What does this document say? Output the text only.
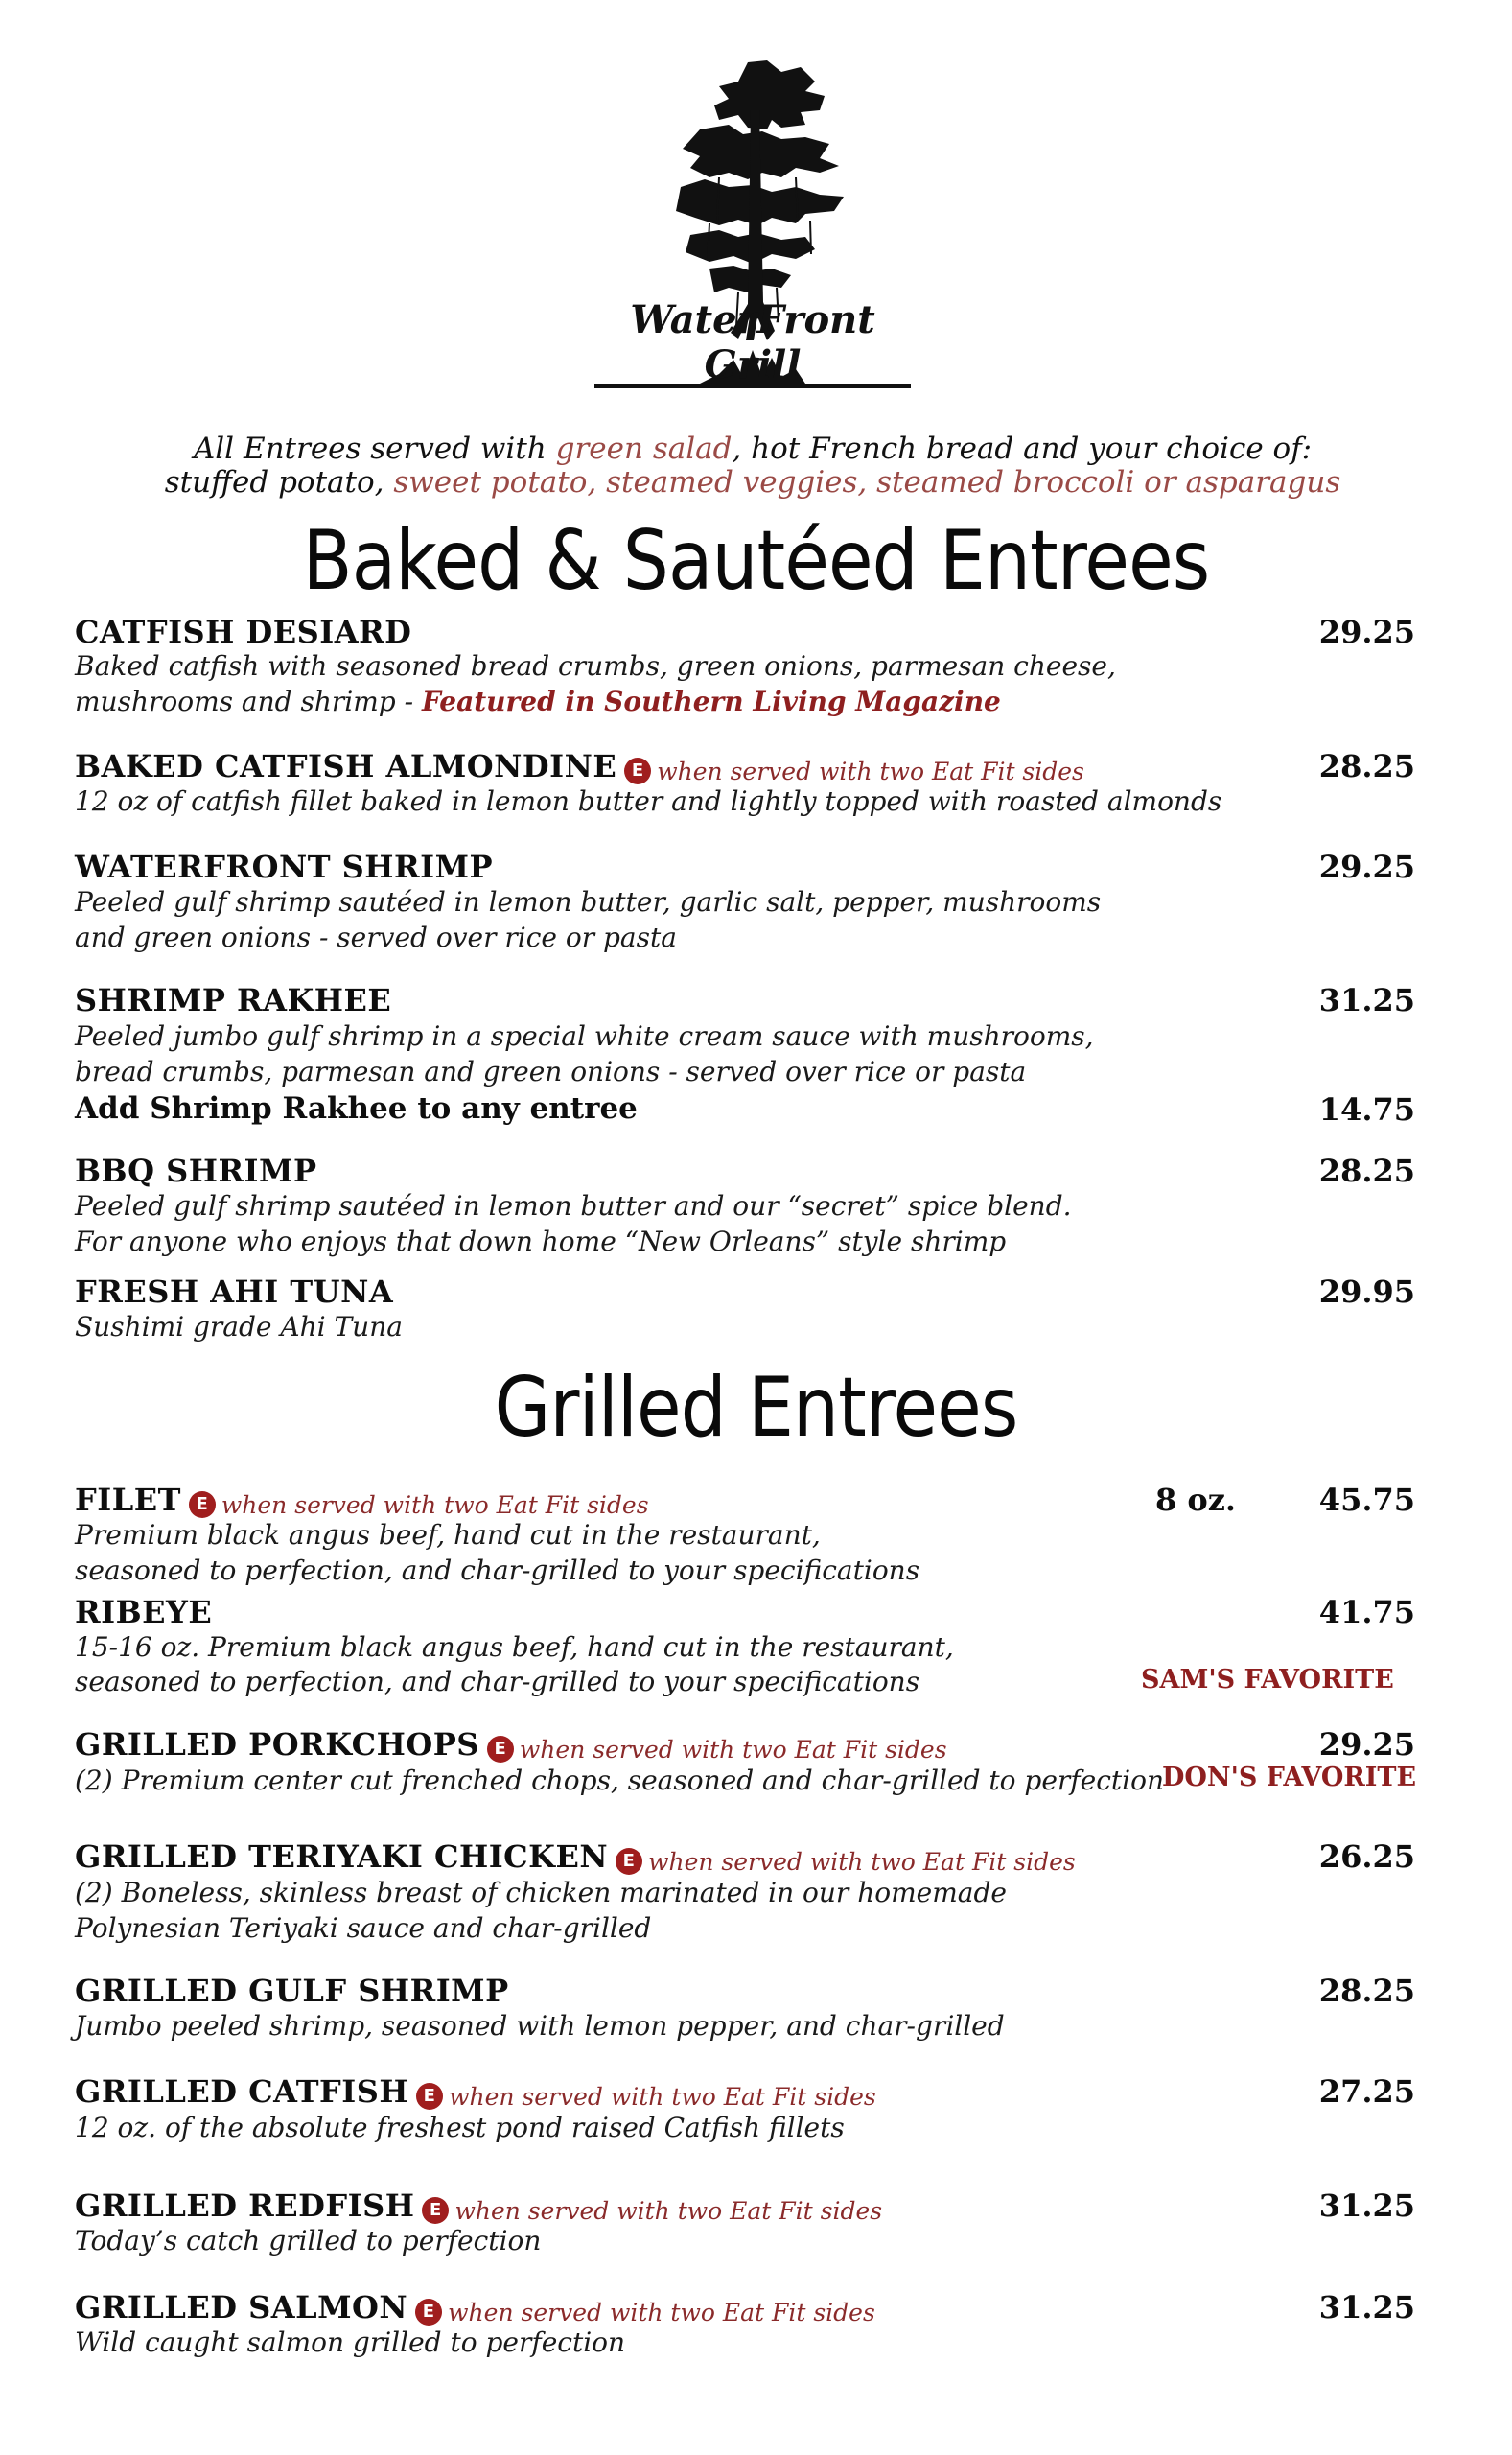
WaterFront Grill
All Entrees served with green salad, hot French bread and your choice of:
stuffed potato, sweet potato, steamed veggies, steamed broccoli or asparagus
Baked & Sautéed Entrees
CATFISH DESIARD	29.25
Baked catfish with seasoned bread crumbs, green onions, parmesan cheese,
mushrooms and shrimp - Featured in Southern Living Magazine
BAKED CATFISH ALMONDINE E when served with two Eat Fit sides	28.25
12 oz of catfish fillet baked in lemon butter and lightly topped with roasted almonds
WATERFRONT SHRIMP	29.25
Peeled gulf shrimp sautéed in lemon butter, garlic salt, pepper, mushrooms
and green onions - served over rice or pasta
SHRIMP RAKHEE	31.25
Peeled jumbo gulf shrimp in a special white cream sauce with mushrooms,
bread crumbs, parmesan and green onions - served over rice or pasta
Add Shrimp Rakhee to any entree	14.75
BBQ SHRIMP	28.25
Peeled gulf shrimp sautéed in lemon butter and our “secret” spice blend.
For anyone who enjoys that down home “New Orleans” style shrimp
FRESH AHI TUNA	29.95
Sushimi grade Ahi Tuna
Grilled Entrees
FILET E when served with two Eat Fit sides	8 oz.	45.75
Premium black angus beef, hand cut in the restaurant,
seasoned to perfection, and char-grilled to your specifications
RIBEYE	41.75
15-16 oz. Premium black angus beef, hand cut in the restaurant,
seasoned to perfection, and char-grilled to your specifications	SAM'S FAVORITE
GRILLED PORKCHOPS E when served with two Eat Fit sides	29.25
(2) Premium center cut frenched chops, seasoned and char-grilled to perfection
DON'S FAVORITE
GRILLED TERIYAKI CHICKEN E when served with two Eat Fit sides	26.25
(2) Boneless, skinless breast of chicken marinated in our homemade
Polynesian Teriyaki sauce and char-grilled
GRILLED GULF SHRIMP	28.25
Jumbo peeled shrimp, seasoned with lemon pepper, and char-grilled
GRILLED CATFISH E when served with two Eat Fit sides	27.25
12 oz. of the absolute freshest pond raised Catfish fillets
GRILLED REDFISH E when served with two Eat Fit sides	31.25
Today’s catch grilled to perfection
GRILLED SALMON E when served with two Eat Fit sides	31.25
Wild caught salmon grilled to perfection
